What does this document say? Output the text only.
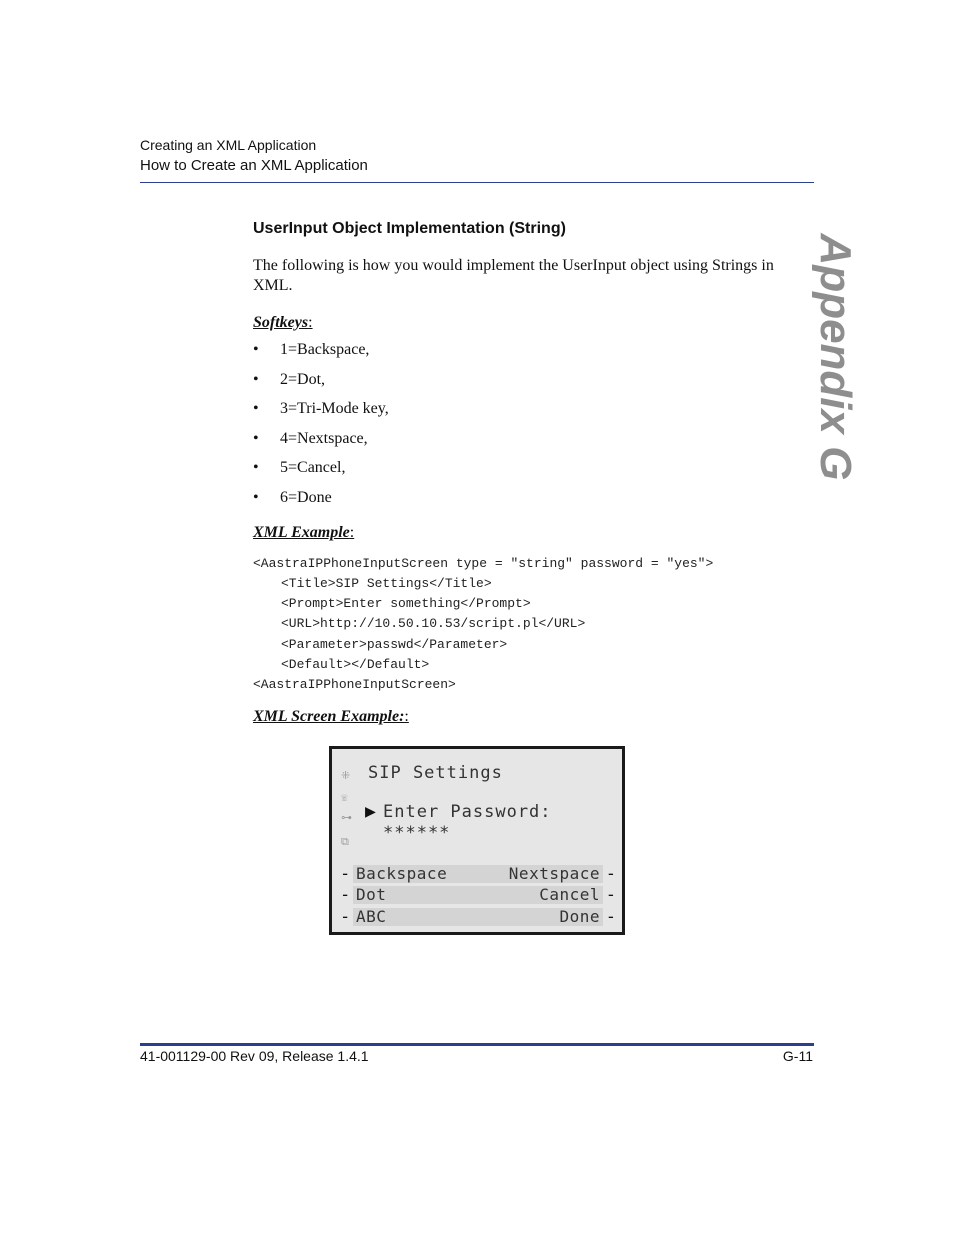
Creating an XML Application
How to Create an XML Application
Appendix G
UserInput Object Implementation (String)

The following is how you would implement the UserInput object using Strings in XML.

Softkeys:
• 1=Backspace,
• 2=Dot,
• 3=Tri-Mode key,
• 4=Nextspace,
• 5=Cancel,
• 6=Done
XML Example:
<AastraIPPhoneInputScreen type = "string" password = "yes">
<Title>SIP Settings</Title>
<Prompt>Enter something</Prompt>
<URL>http://10.50.10.53/script.pl</URL>
<Parameter>passwd</Parameter>
<Default></Default>
<AastraIPPhoneInputScreen>
XML Screen Example::
⁜
☏
⊶
⧉
SIP Settings
▶ Enter Password:
******
- Backspace	Nextspace -
- Dot	Cancel -
- ABC	Done -
41-001129-00 Rev 09, Release 1.4.1	G-11
